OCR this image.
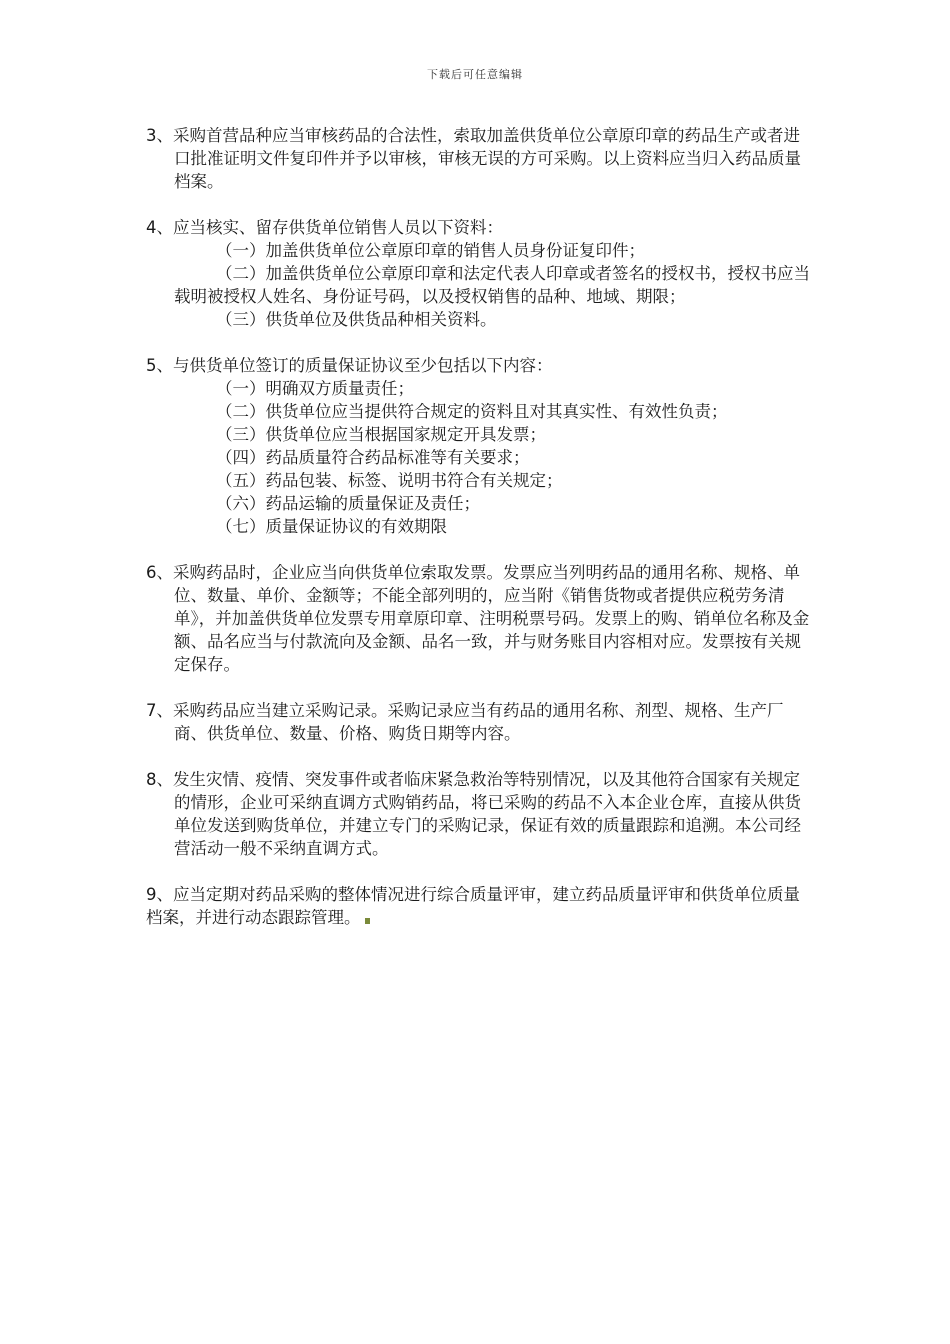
下载后可任意编辑
3、采购首营品种应当审核药品的合法性，索取加盖供货单位公章原印章的药品生产或者进口批准证明文件复印件并予以审核，审核无误的方可采购。以上资料应当归入药品质量档案。
4、应当核实、留存供货单位销售人员以下资料：
（一）加盖供货单位公章原印章的销售人员身份证复印件；
（二）加盖供货单位公章原印章和法定代表人印章或者签名的授权书，授权书应当载明被授权人姓名、身份证号码，以及授权销售的品种、地域、期限；
（三）供货单位及供货品种相关资料。
5、与供货单位签订的质量保证协议至少包括以下内容：
（一）明确双方质量责任；
（二）供货单位应当提供符合规定的资料且对其真实性、有效性负责；
（三）供货单位应当根据国家规定开具发票；
（四）药品质量符合药品标准等有关要求；
（五）药品包装、标签、说明书符合有关规定；
（六）药品运输的质量保证及责任；
（七）质量保证协议的有效期限
6、采购药品时，企业应当向供货单位索取发票。发票应当列明药品的通用名称、规格、单位、数量、单价、金额等；不能全部列明的，应当附《销售货物或者提供应税劳务清单》，并加盖供货单位发票专用章原印章、注明税票号码。发票上的购、销单位名称及金额、品名应当与付款流向及金额、品名一致，并与财务账目内容相对应。发票按有关规定保存。
7、采购药品应当建立采购记录。采购记录应当有药品的通用名称、剂型、规格、生产厂商、供货单位、数量、价格、购货日期等内容。
8、发生灾情、疫情、突发事件或者临床紧急救治等特别情况，以及其他符合国家有关规定的情形，企业可采纳直调方式购销药品，将已采购的药品不入本企业仓库，直接从供货单位发送到购货单位，并建立专门的采购记录，保证有效的质量跟踪和追溯。本公司经营活动一般不采纳直调方式。
9、应当定期对药品采购的整体情况进行综合质量评审，建立药品质量评审和供货单位质量档案，并进行动态跟踪管理。
